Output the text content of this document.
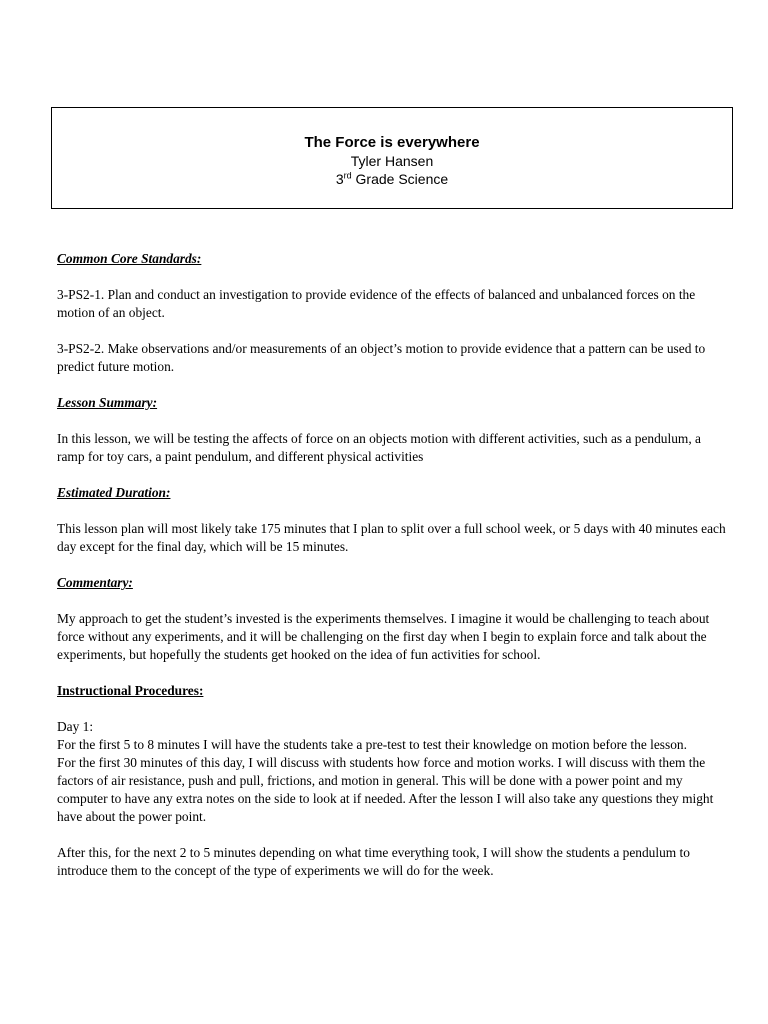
The Force is everywhere
Tyler Hansen
3rd Grade Science

Common Core Standards:

3-PS2-1. Plan and conduct an investigation to provide evidence of the effects of balanced and unbalanced forces on the motion of an object.

3-PS2-2. Make observations and/or measurements of an object’s motion to provide evidence that a pattern can be used to predict future motion.

Lesson Summary:

In this lesson, we will be testing the affects of force on an objects motion with different activities, such as a pendulum, a ramp for toy cars, a paint pendulum, and different physical activities

Estimated Duration:

This lesson plan will most likely take 175 minutes that I plan to split over a full school week, or 5 days with 40 minutes each day except for the final day, which will be 15 minutes.

Commentary:

My approach to get the student’s invested is the experiments themselves. I imagine it would be challenging to teach about force without any experiments, and it will be challenging on the first day when I begin to explain force and talk about the experiments, but hopefully the students get hooked on the idea of fun activities for school.

Instructional Procedures:

Day 1:
For the first 5 to 8 minutes I will have the students take a pre-test to test their knowledge on motion before the lesson.
For the first 30 minutes of this day, I will discuss with students how force and motion works. I will discuss with them the factors of air resistance, push and pull, frictions, and motion in general. This will be done with a power point and my computer to have any extra notes on the side to look at if needed. After the lesson I will also take any questions they might have about the power point.

After this, for the next 2 to 5 minutes depending on what time everything took, I will show the students a pendulum to introduce them to the concept of the type of experiments we will do for the week.
